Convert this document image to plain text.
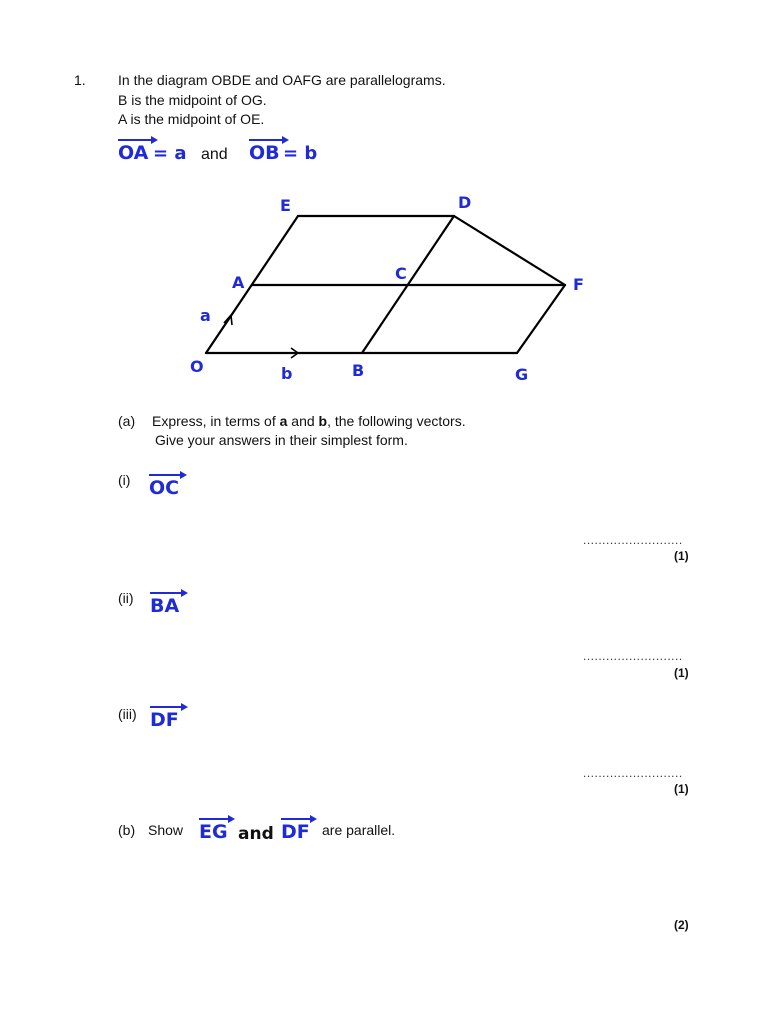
1. In the diagram OBDE and OAFG are parallelograms.
B is the midpoint of OG.
A is the midpoint of OE.
OA = a and OB = b
E	D
A	C
F
O	B	G
a
b
(a) Express, in terms of a and b, the following vectors.
Give your answers in their simplest form.
(i) OC
..........................
(1)
(ii) BA
..........................
(1)
(iii) DF
..........................
(1)
(b) Show EG and DF are parallel.
(2)
